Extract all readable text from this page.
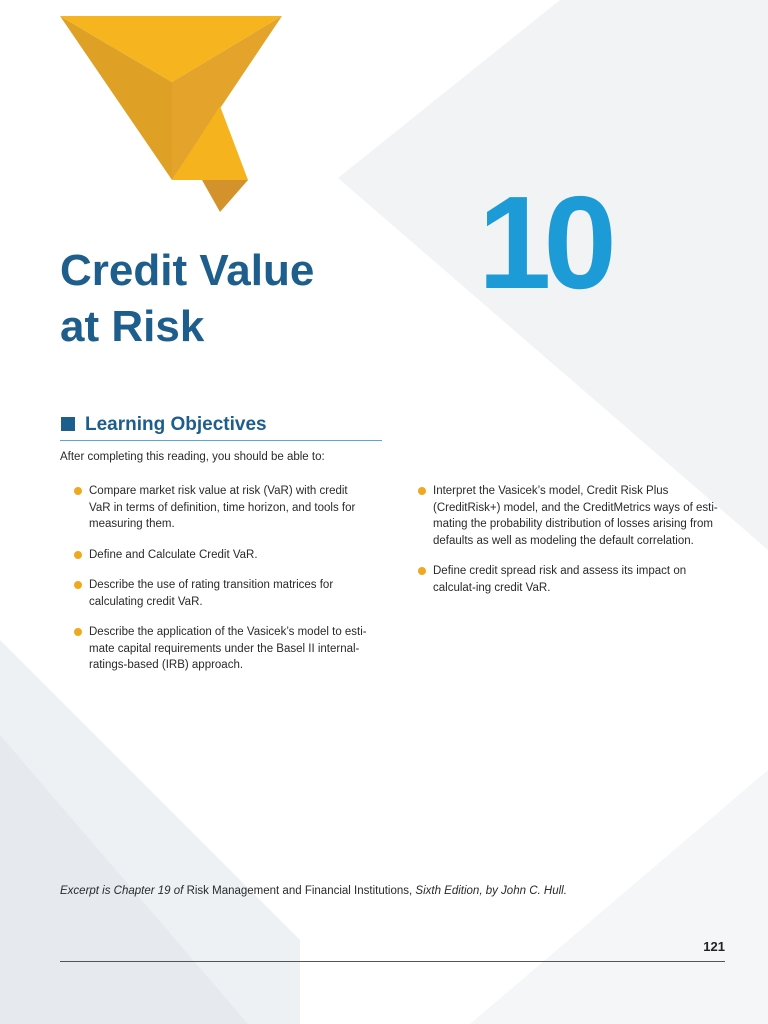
10
Credit Value
at Risk
Learning Objectives

After completing this reading, you should be able to:

Compare market risk value at risk (VaR) with credit VaR in terms of definition, time horizon, and tools for measuring them.
Define and Calculate Credit VaR.
Describe the use of rating transition matrices for calculating credit VaR.
Describe the application of the Vasicek’s model to esti-mate capital requirements under the Basel II internal-ratings-based (IRB) approach.
Interpret the Vasicek’s model, Credit Risk Plus (CreditRisk+) model, and the CreditMetrics ways of esti-mating the probability distribution of losses arising from defaults as well as modeling the default correlation.
Define credit spread risk and assess its impact on calculat-ing credit VaR.

Excerpt is Chapter 19 of Risk Management and Financial Institutions, Sixth Edition, by John C. Hull.

121
